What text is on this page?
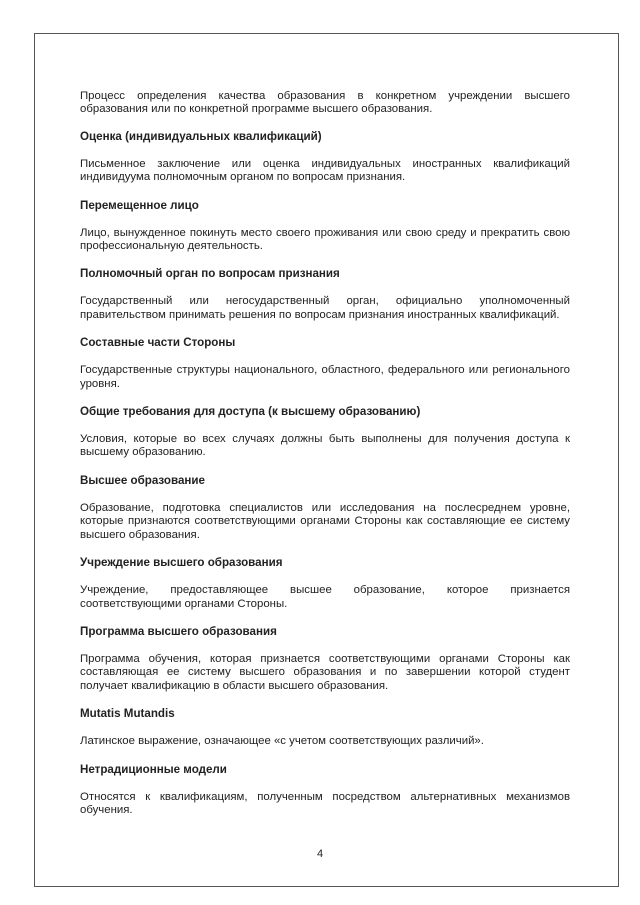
Процесс определения качества образования в конкретном учреждении высшего образования или по конкретной программе высшего образования.

Оценка (индивидуальных квалификаций)

Письменное заключение или оценка индивидуальных иностранных квалификаций индивидуума полномочным органом по вопросам признания.

Перемещенное лицо

Лицо, вынужденное покинуть место своего проживания или свою среду и прекратить свою профессиональную деятельность.

Полномочный орган по вопросам признания

Государственный или негосударственный орган, официально уполномоченный правительством принимать решения по вопросам признания иностранных квалификаций.

Составные части Стороны

Государственные структуры национального, областного, федерального или регионального уровня.

Общие требования для доступа (к высшему образованию)

Условия, которые во всех случаях должны быть выполнены для получения доступа к высшему образованию.

Высшее образование

Образование, подготовка специалистов или исследования на послесреднем уровне, которые признаются соответствующими органами Стороны как составляющие ее систему высшего образования.

Учреждение высшего образования

Учреждение, предоставляющее высшее образование, которое признается соответствующими органами Стороны.

Программа высшего образования

Программа обучения, которая признается соответствующими органами Стороны как составляющая ее систему высшего образования и по завершении которой студент получает квалификацию в области высшего образования.

Mutatis Mutandis

Латинское выражение, означающее «с учетом соответствующих различий».

Нетрадиционные модели

Относятся к квалификациям, полученным посредством альтернативных механизмов обучения.

4
